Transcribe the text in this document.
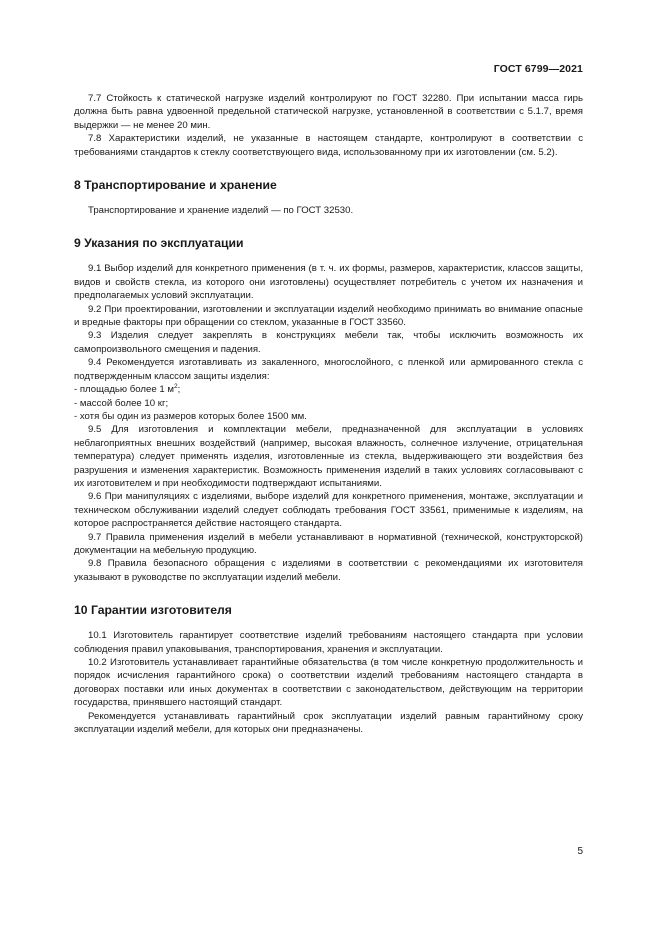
ГОСТ 6799—2021

7.7 Стойкость к статической нагрузке изделий контролируют по ГОСТ 32280. При испытании масса гирь должна быть равна удвоенной предельной статической нагрузке, установленной в соответствии с 5.1.7, время выдержки — не менее 20 мин.

7.8 Характеристики изделий, не указанные в настоящем стандарте, контролируют в соответствии с требованиями стандартов к стеклу соответствующего вида, использованному при их изготовлении (см. 5.2).

8 Транспортирование и хранение

Транспортирование и хранение изделий — по ГОСТ 32530.

9 Указания по эксплуатации

9.1 Выбор изделий для конкретного применения (в т. ч. их формы, размеров, характеристик, классов защиты, видов и свойств стекла, из которого они изготовлены) осуществляет потребитель с учетом их назначения и предполагаемых условий эксплуатации.

9.2 При проектировании, изготовлении и эксплуатации изделий необходимо принимать во внимание опасные и вредные факторы при обращении со стеклом, указанные в ГОСТ 33560.

9.3 Изделия следует закреплять в конструкциях мебели так, чтобы исключить возможность их самопроизвольного смещения и падения.

9.4 Рекомендуется изготавливать из закаленного, многослойного, с пленкой или армированного стекла с подтвержденным классом защиты изделия:

- площадью более 1 $м^2$;

- массой более 10 кг;

- хотя бы один из размеров которых более 1500 мм.

9.5 Для изготовления и комплектации мебели, предназначенной для эксплуатации в условиях неблагоприятных внешних воздействий (например, высокая влажность, солнечное излучение, отрицательная температура) следует применять изделия, изготовленные из стекла, выдерживающего эти воздействия без разрушения и изменения характеристик. Возможность применения изделий в таких условиях согласовывают с их изготовителем и при необходимости подтверждают испытаниями.

9.6 При манипуляциях с изделиями, выборе изделий для конкретного применения, монтаже, эксплуатации и техническом обслуживании изделий следует соблюдать требования ГОСТ 33561, применимые к изделиям, на которое распространяется действие настоящего стандарта.

9.7 Правила применения изделий в мебели устанавливают в нормативной (технической, конструкторской) документации на мебельную продукцию.

9.8 Правила безопасного обращения с изделиями в соответствии с рекомендациями их изготовителя указывают в руководстве по эксплуатации изделий мебели.

10 Гарантии изготовителя

10.1 Изготовитель гарантирует соответствие изделий требованиям настоящего стандарта при условии соблюдения правил упаковывания, транспортирования, хранения и эксплуатации.

10.2 Изготовитель устанавливает гарантийные обязательства (в том числе конкретную продолжительность и порядок исчисления гарантийного срока) о соответствии изделий требованиям настоящего стандарта в договорах поставки или иных документах в соответствии с законодательством, действующим на территории государства, принявшего настоящий стандарт.

Рекомендуется устанавливать гарантийный срок эксплуатации изделий равным гарантийному сроку эксплуатации изделий мебели, для которых они предназначены.

5
